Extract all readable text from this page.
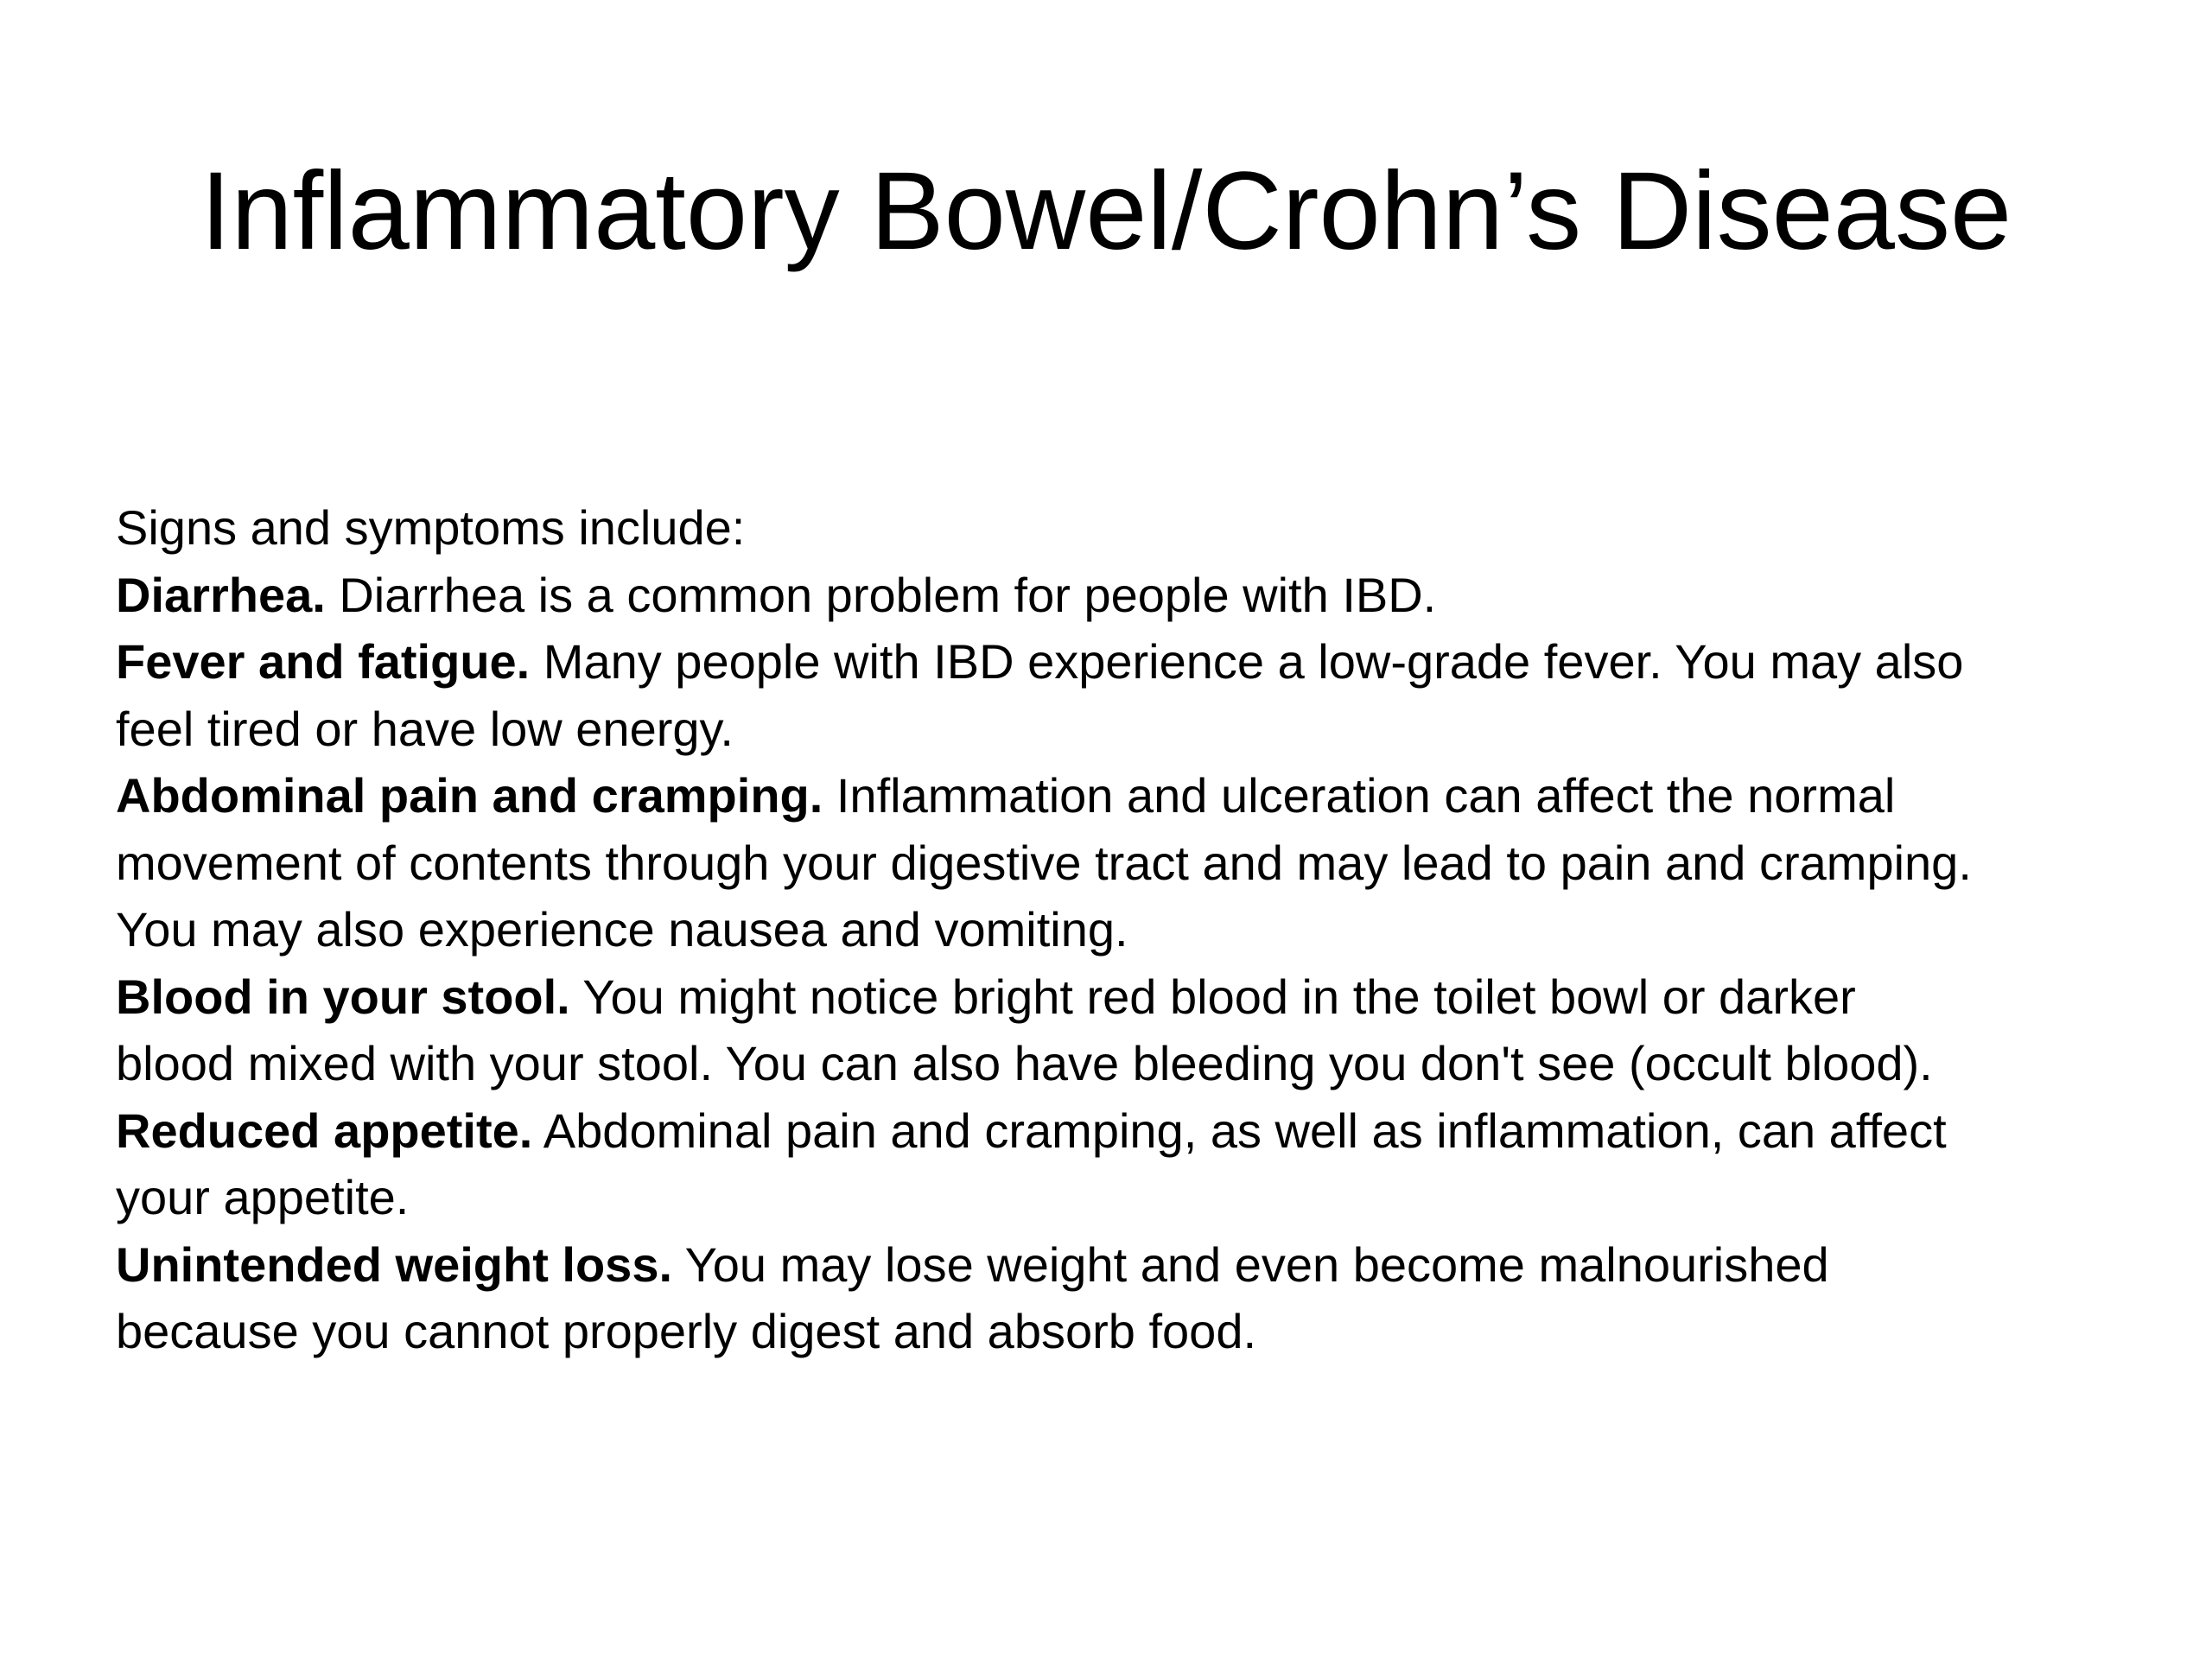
Inflammatory Bowel/Crohn’s Disease

Signs and symptoms include:

Diarrhea. Diarrhea is a common problem for people with IBD.

Fever and fatigue. Many people with IBD experience a low-grade fever. You may also feel tired or have low energy.

Abdominal pain and cramping. Inflammation and ulceration can affect the normal movement of contents through your digestive tract and may lead to pain and cramping. You may also experience nausea and vomiting.

Blood in your stool. You might notice bright red blood in the toilet bowl or darker blood mixed with your stool. You can also have bleeding you don't see (occult blood).

Reduced appetite. Abdominal pain and cramping, as well as inflammation, can affect your appetite.

Unintended weight loss. You may lose weight and even become malnourished because you cannot properly digest and absorb food.
